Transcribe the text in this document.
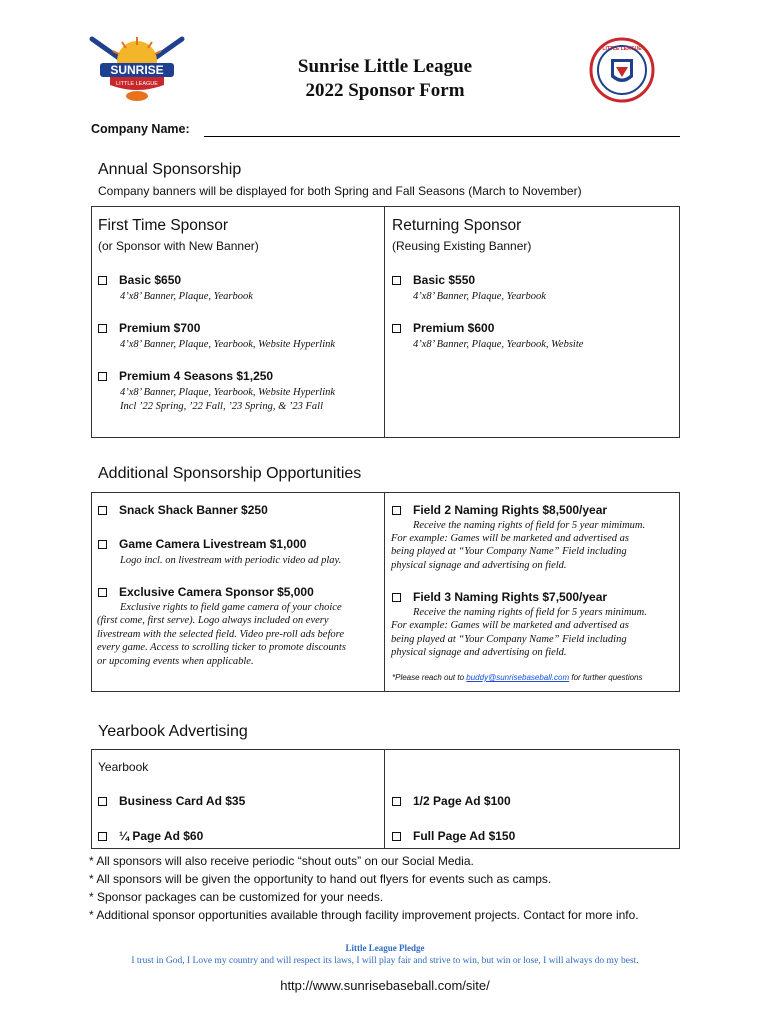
SUNRISE
LITTLE LEAGUE
LITTLE LEAGUE
Sunrise Little League
2022 Sponsor Form
Company Name:
Annual Sponsorship
Company banners will be displayed for both Spring and Fall Seasons (March to November)
First Time Sponsor
(or Sponsor with New Banner)
Basic $650
4’x8’ Banner, Plaque, Yearbook
Premium $700
4’x8’ Banner, Plaque, Yearbook, Website Hyperlink
Premium 4 Seasons $1,250
4’x8’ Banner, Plaque, Yearbook, Website Hyperlink
Incl ’22 Spring, ’22 Fall, ’23 Spring, & ’23 Fall
Returning Sponsor
(Reusing Existing Banner)
Basic $550
4’x8’ Banner, Plaque, Yearbook
Premium $600
4’x8’ Banner, Plaque, Yearbook, Website
Additional Sponsorship Opportunities
Snack Shack Banner $250
Game Camera Livestream $1,000
Logo incl. on livestream with periodic video ad play.
Exclusive Camera Sponsor $5,000
Exclusive rights to field game camera of your choice
(first come, first serve). Logo always included on every
livestream with the selected field. Video pre-roll ads before
every game. Access to scrolling ticker to promote discounts
or upcoming events when applicable.
Field 2 Naming Rights $8,500/year
Receive the naming rights of field for 5 year mimimum.
For example: Games will be marketed and advertised as
being played at “Your Company Name” Field including
physical signage and advertising on field.
Field 3 Naming Rights $7,500/year
Receive the naming rights of field for 5 years minimum.
For example: Games will be marketed and advertised as
being played at “Your Company Name” Field including
physical signage and advertising on field.
*Please reach out to buddy@sunrisebaseball.com for further questions
Yearbook Advertising
Yearbook
Business Card Ad $35	1/2 Page Ad $100
¼ Page Ad $60	Full Page Ad $150
* All sponsors will also receive periodic “shout outs” on our Social Media.
* All sponsors will be given the opportunity to hand out flyers for events such as camps.
* Sponsor packages can be customized for your needs.
* Additional sponsor opportunities available through facility improvement projects. Contact for more info.
Little League Pledge
I trust in God, I Love my country and will respect its laws, I will play fair and strive to win, but win or lose, I will always do my best.
http://www.sunrisebaseball.com/site/
